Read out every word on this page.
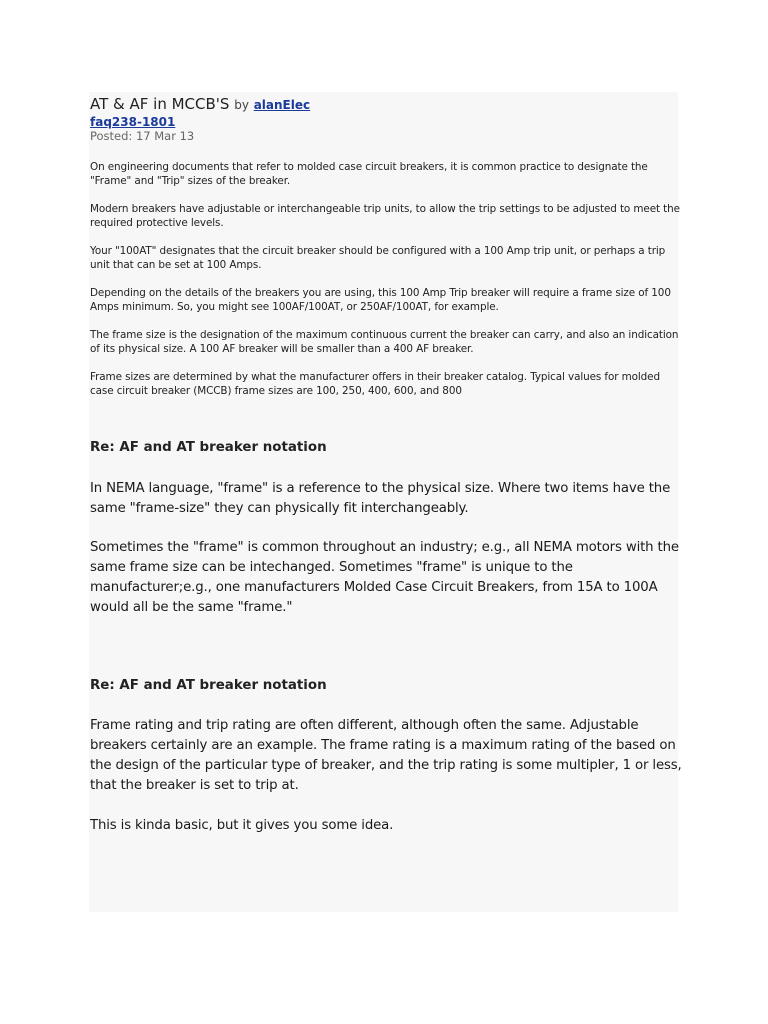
AT & AF in MCCB'S by alanElec
faq238-1801
Posted: 17 Mar 13

On engineering documents that refer to molded case circuit breakers, it is common practice to designate the "Frame" and "Trip" sizes of the breaker.

Modern breakers have adjustable or interchangeable trip units, to allow the trip settings to be adjusted to meet the required protective levels.

Your "100AT" designates that the circuit breaker should be configured with a 100 Amp trip unit, or perhaps a trip unit that can be set at 100 Amps.

Depending on the details of the breakers you are using, this 100 Amp Trip breaker will require a frame size of 100 Amps minimum. So, you might see 100AF/100AT, or 250AF/100AT, for example.

The frame size is the designation of the maximum continuous current the breaker can carry, and also an indication of its physical size. A 100 AF breaker will be smaller than a 400 AF breaker.

Frame sizes are determined by what the manufacturer offers in their breaker catalog. Typical values for molded case circuit breaker (MCCB) frame sizes are 100, 250, 400, 600, and 800

Re: AF and AT breaker notation

In NEMA language, "frame" is a reference to the physical size. Where two items have the same "frame-size" they can physically fit interchangeably.

Sometimes the "frame" is common throughout an industry; e.g., all NEMA motors with the same frame size can be intechanged. Sometimes "frame" is unique to the manufacturer;e.g., one manufacturers Molded Case Circuit Breakers, from 15A to 100A would all be the same "frame."

Re: AF and AT breaker notation

Frame rating and trip rating are often different, although often the same. Adjustable breakers certainly are an example. The frame rating is a maximum rating of the based on the design of the particular type of breaker, and the trip rating is some multipler, 1 or less, that the breaker is set to trip at.

This is kinda basic, but it gives you some idea.
